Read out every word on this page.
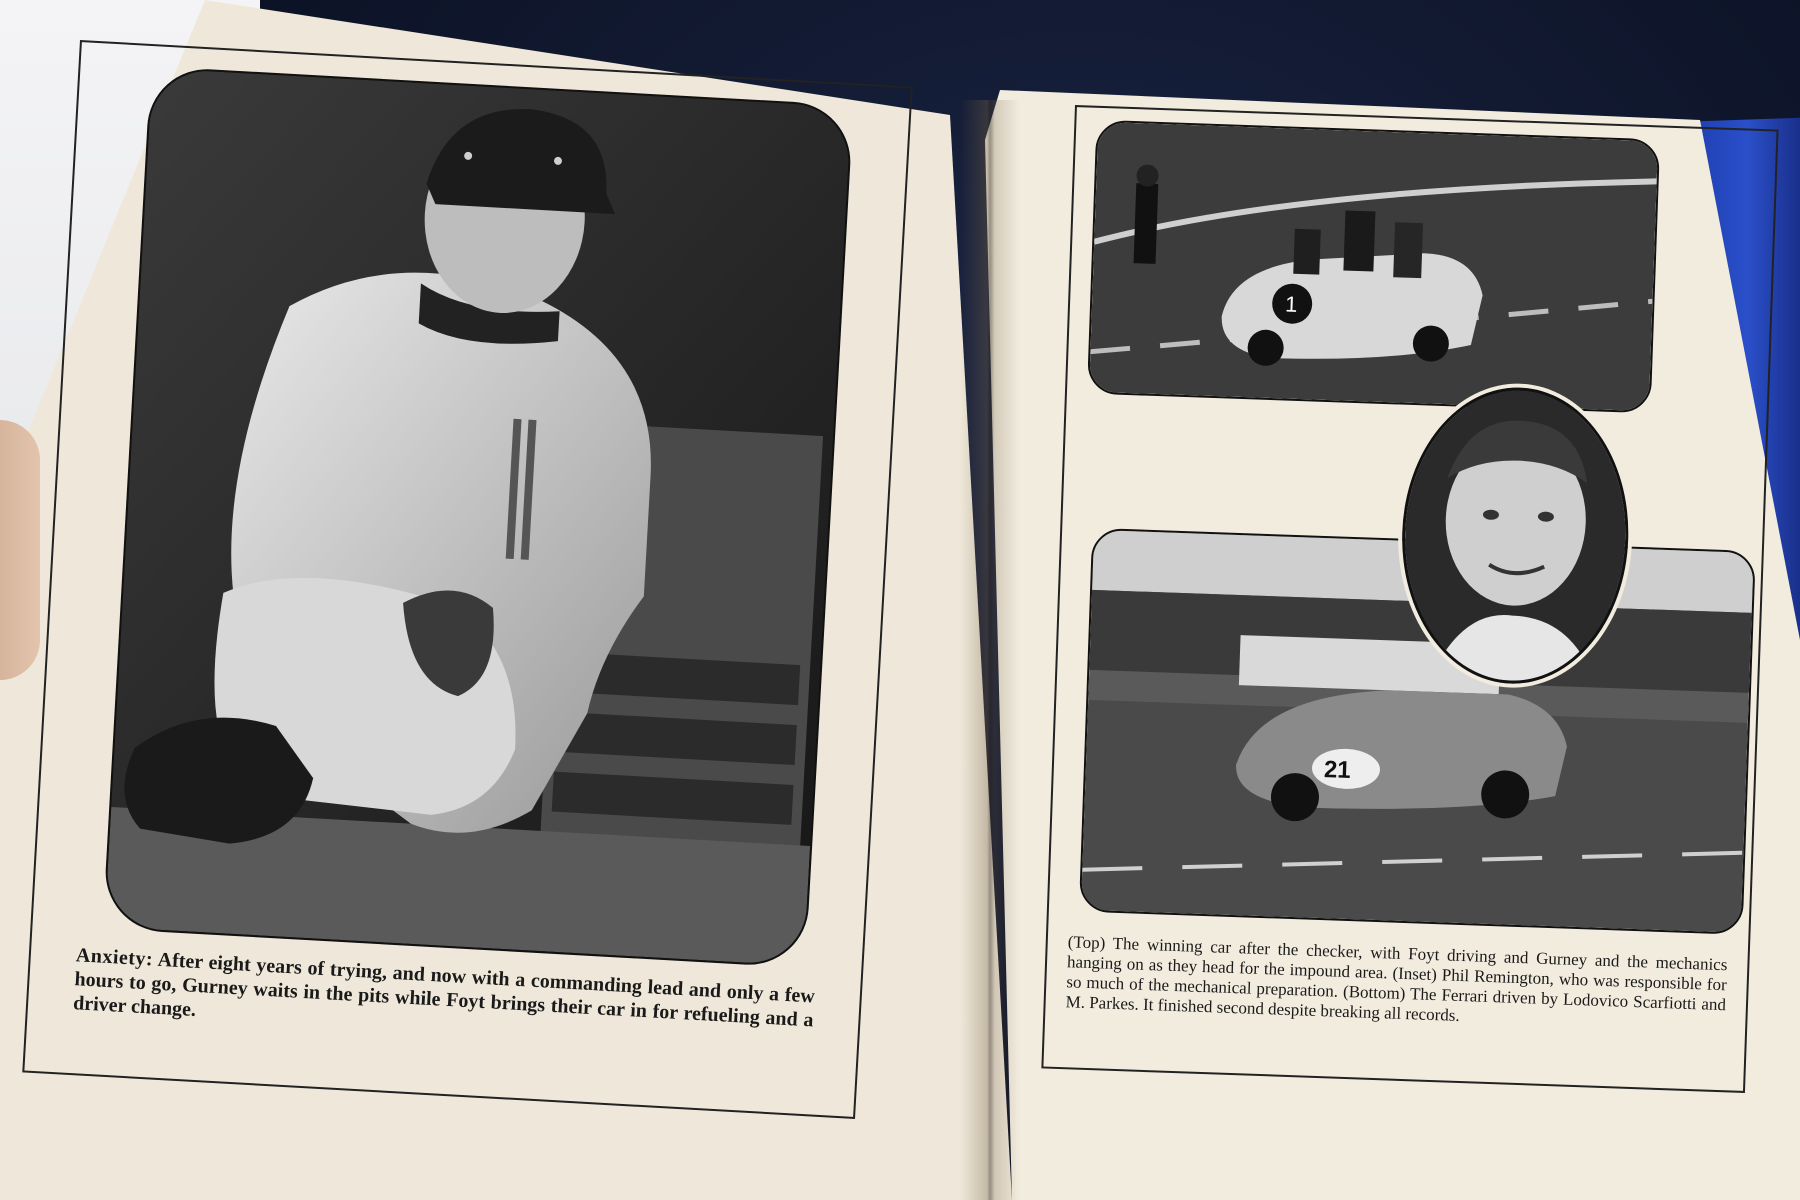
Anxiety: After eight years of trying, and now with a commanding lead and only a few hours to go, Gurney waits in the pits while Foyt brings their car in for refueling and a driver change.
1
21
(Top) The winning car after the checker, with Foyt driving and Gurney and the mechanics hanging on as they head for the impound area. (Inset) Phil Remington, who was responsible for so much of the mechanical preparation. (Bottom) The Ferrari driven by Lodovico Scarfiotti and M. Parkes. It finished second despite breaking all records.
